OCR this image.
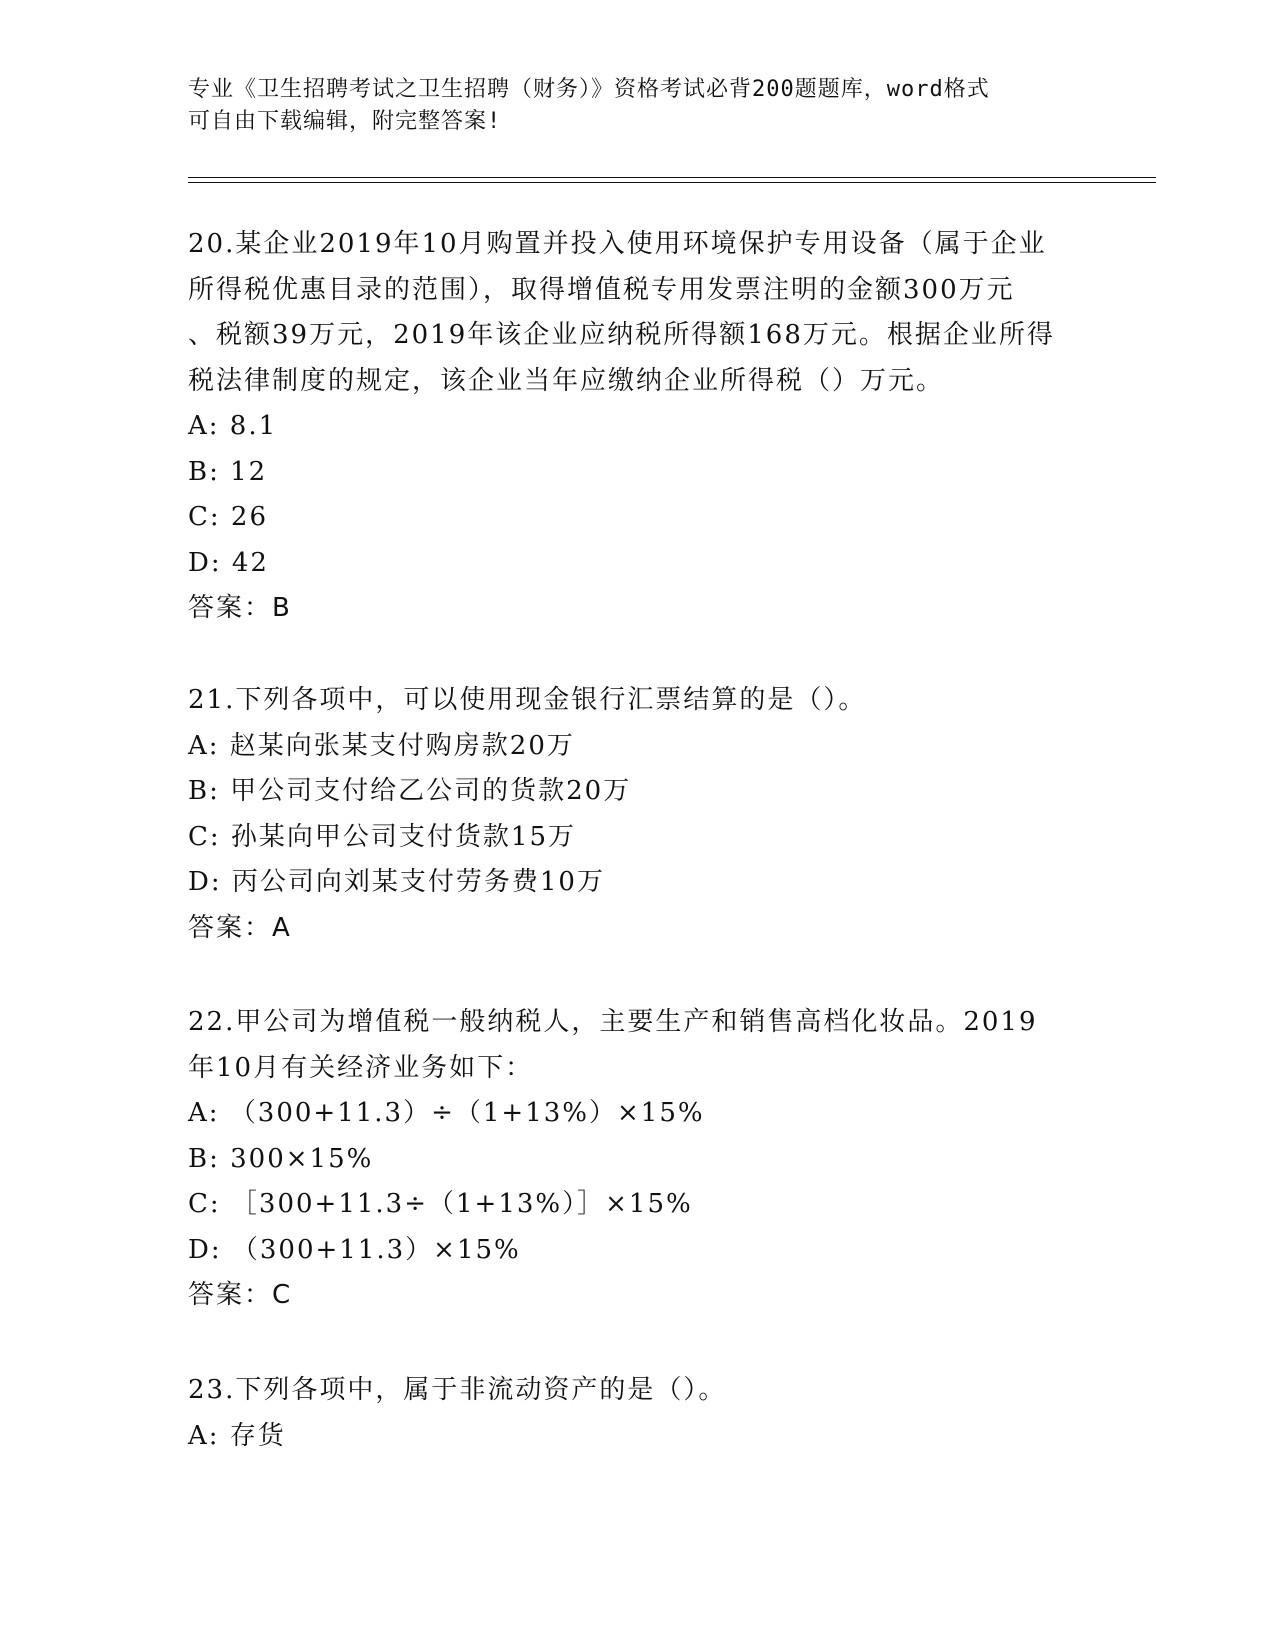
专业《卫生招聘考试之卫生招聘（财务）》资格考试必背200题题库，word格式
可自由下载编辑，附完整答案!
20.某企业2019年10月购置并投入使用环境保护专用设备（属于企业
所得税优惠目录的范围），取得增值税专用发票注明的金额300万元
、税额39万元，2019年该企业应纳税所得额168万元。根据企业所得
税法律制度的规定，该企业当年应缴纳企业所得税（）万元。
A: 8.1
B: 12
C: 26
D: 42
答案：B
21.下列各项中，可以使用现金银行汇票结算的是（）。
A: 赵某向张某支付购房款20万
B: 甲公司支付给乙公司的货款20万
C: 孙某向甲公司支付货款15万
D: 丙公司向刘某支付劳务费10万
答案：A
22.甲公司为增值税一般纳税人，主要生产和销售高档化妆品。2019
年10月有关经济业务如下：
A: （300+11.3）÷（1+13%）×15%
B: 300×15%
C: ［300+11.3÷（1+13%）］×15%
D: （300+11.3）×15%
答案：C
23.下列各项中，属于非流动资产的是（）。
A: 存货
